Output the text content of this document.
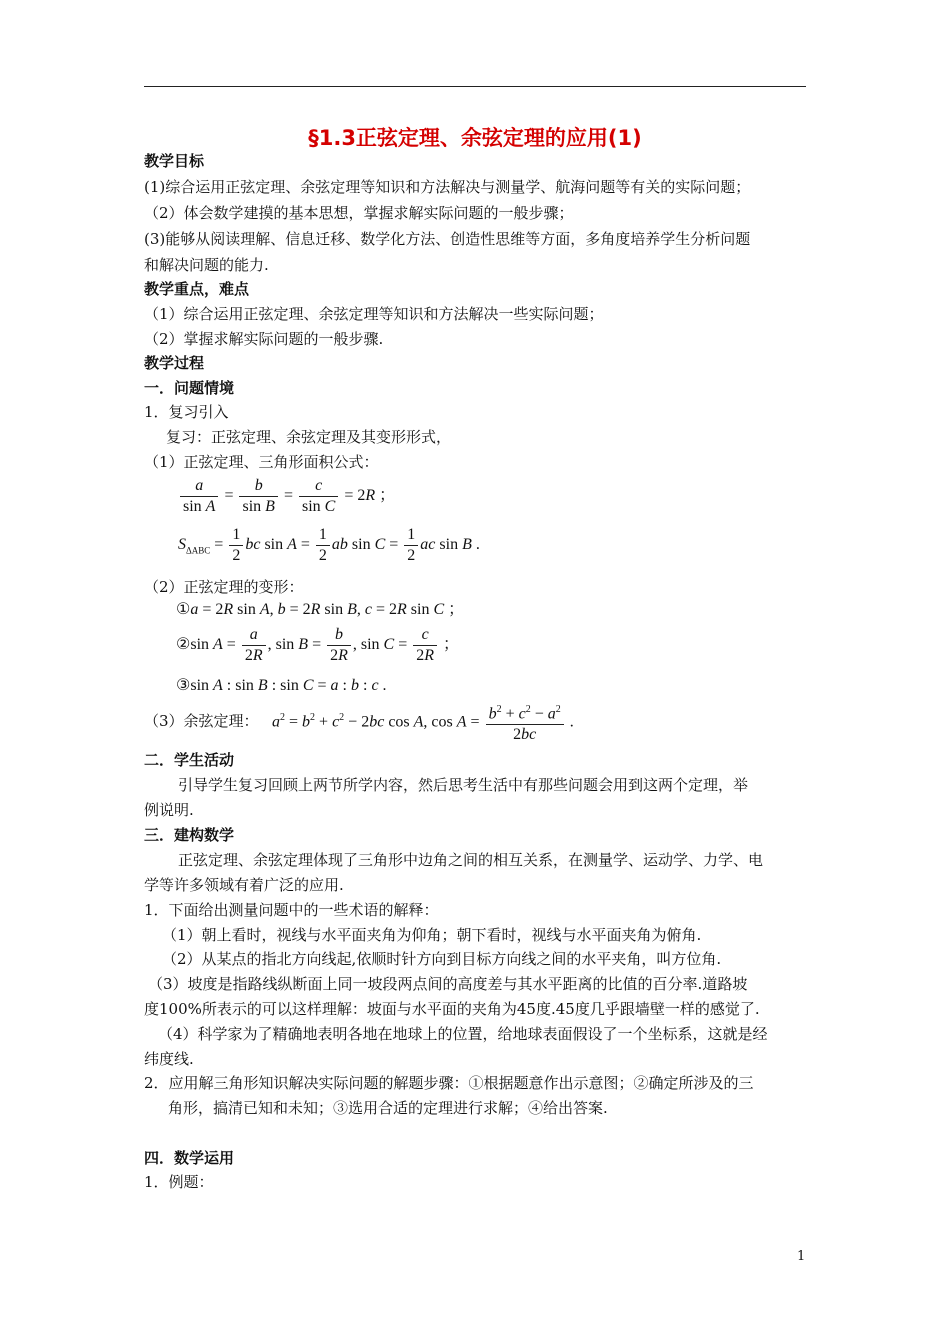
§1.3正弦定理、余弦定理的应用(1)
教学目标
(1)综合运用正弦定理、余弦定理等知识和方法解决与测量学、航海问题等有关的实际问题；
（2）体会数学建摸的基本思想，掌握求解实际问题的一般步骤；
(3)能够从阅读理解、信息迁移、数学化方法、创造性思维等方面，多角度培养学生分析问题
和解决问题的能力.
教学重点，难点
（1）综合运用正弦定理、余弦定理等知识和方法解决一些实际问题；
（2）掌握求解实际问题的一般步骤.
教学过程
一．问题情境
1．复习引入
复习：正弦定理、余弦定理及其变形形式，
（1）正弦定理、三角形面积公式：
$\frac{a}{\text{sin A}} = \frac{b}{\text{sin B}} = \frac{c}{\text{sin C}} = 2R$ ；
$S_{\Delta ABC} = \frac{1}{2}$ bc $\sin A = \frac{1}{2}$ ab $\sin C = \frac{1}{2}$ ac sin B .
（2）正弦定理的变形：
①a = 2R sin A, b = 2R sin B, c = 2R sin C ；
②sin $A = \frac{a}{2R}$ , $\sin B = \frac{b}{2R}$ , $\sin C = \frac{c}{2R}$ ；
③sin A : sin B : sin C = a : b : c .
（3）余弦定理： $a^2 = b^2 + c^2 - 2bc$ cos A, $\cos A = \frac{b^2 + c^2 - a^2}{2bc}$ .
二．学生活动
引导学生复习回顾上两节所学内容，然后思考生活中有那些问题会用到这两个定理，举
例说明.
三．建构数学
正弦定理、余弦定理体现了三角形中边角之间的相互关系，在测量学、运动学、力学、电
学等许多领域有着广泛的应用.
1．下面给出测量问题中的一些术语的解释：
（1）朝上看时，视线与水平面夹角为仰角；朝下看时，视线与水平面夹角为俯角.
（2）从某点的指北方向线起,依顺时针方向到目标方向线之间的水平夹角，叫方位角.
（3）坡度是指路线纵断面上同一坡段两点间的高度差与其水平距离的比值的百分率.道路坡
度100%所表示的可以这样理解：坡面与水平面的夹角为45度.45度几乎跟墙壁一样的感觉了.
（4）科学家为了精确地表明各地在地球上的位置，给地球表面假设了一个坐标系，这就是经
纬度线.
2．应用解三角形知识解决实际问题的解题步骤：①根据题意作出示意图；②确定所涉及的三
角形，搞清已知和未知；③选用合适的定理进行求解；④给出答案.
四．数学运用
1．例题：
1
